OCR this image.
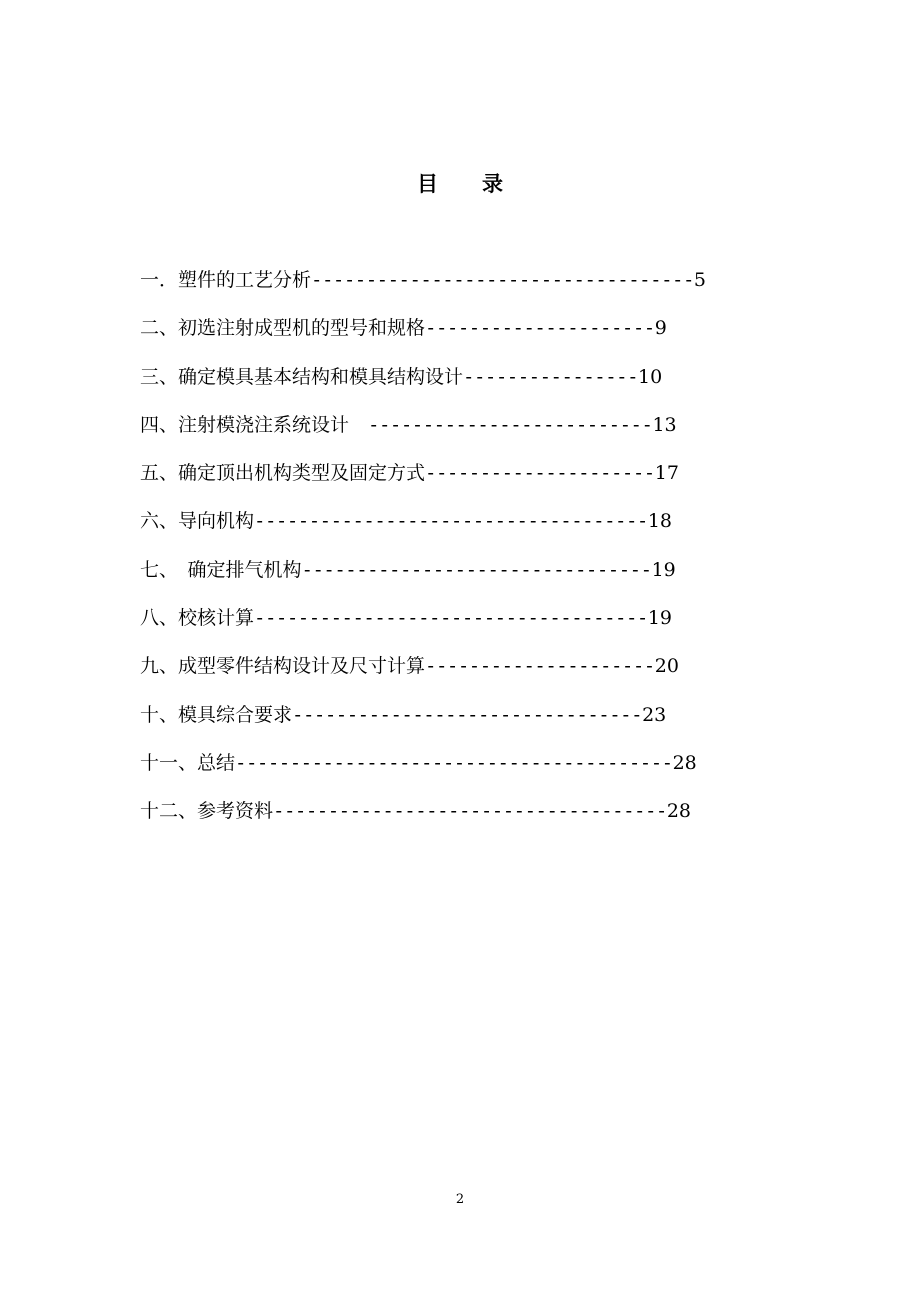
目 录
一．塑件的工艺分析 ----------------------------------- 5
二、初选注射成型机的型号和规格 --------------------- 9
三、确定模具基本结构和模具结构设计 ---------------- 10
四、注射模浇注系统设计　 -------------------------- 13
五、确定顶出机构类型及固定方式 --------------------- 17
六、导向机构 ------------------------------------ 18
七、　确定排气机构 -------------------------------- 19
八、校核计算 ------------------------------------ 19
九、成型零件结构设计及尺寸计算 --------------------- 20
十、模具综合要求 -------------------------------- 23
十一、总结 ---------------------------------------- 28
十二、参考资料 ------------------------------------ 28
2
